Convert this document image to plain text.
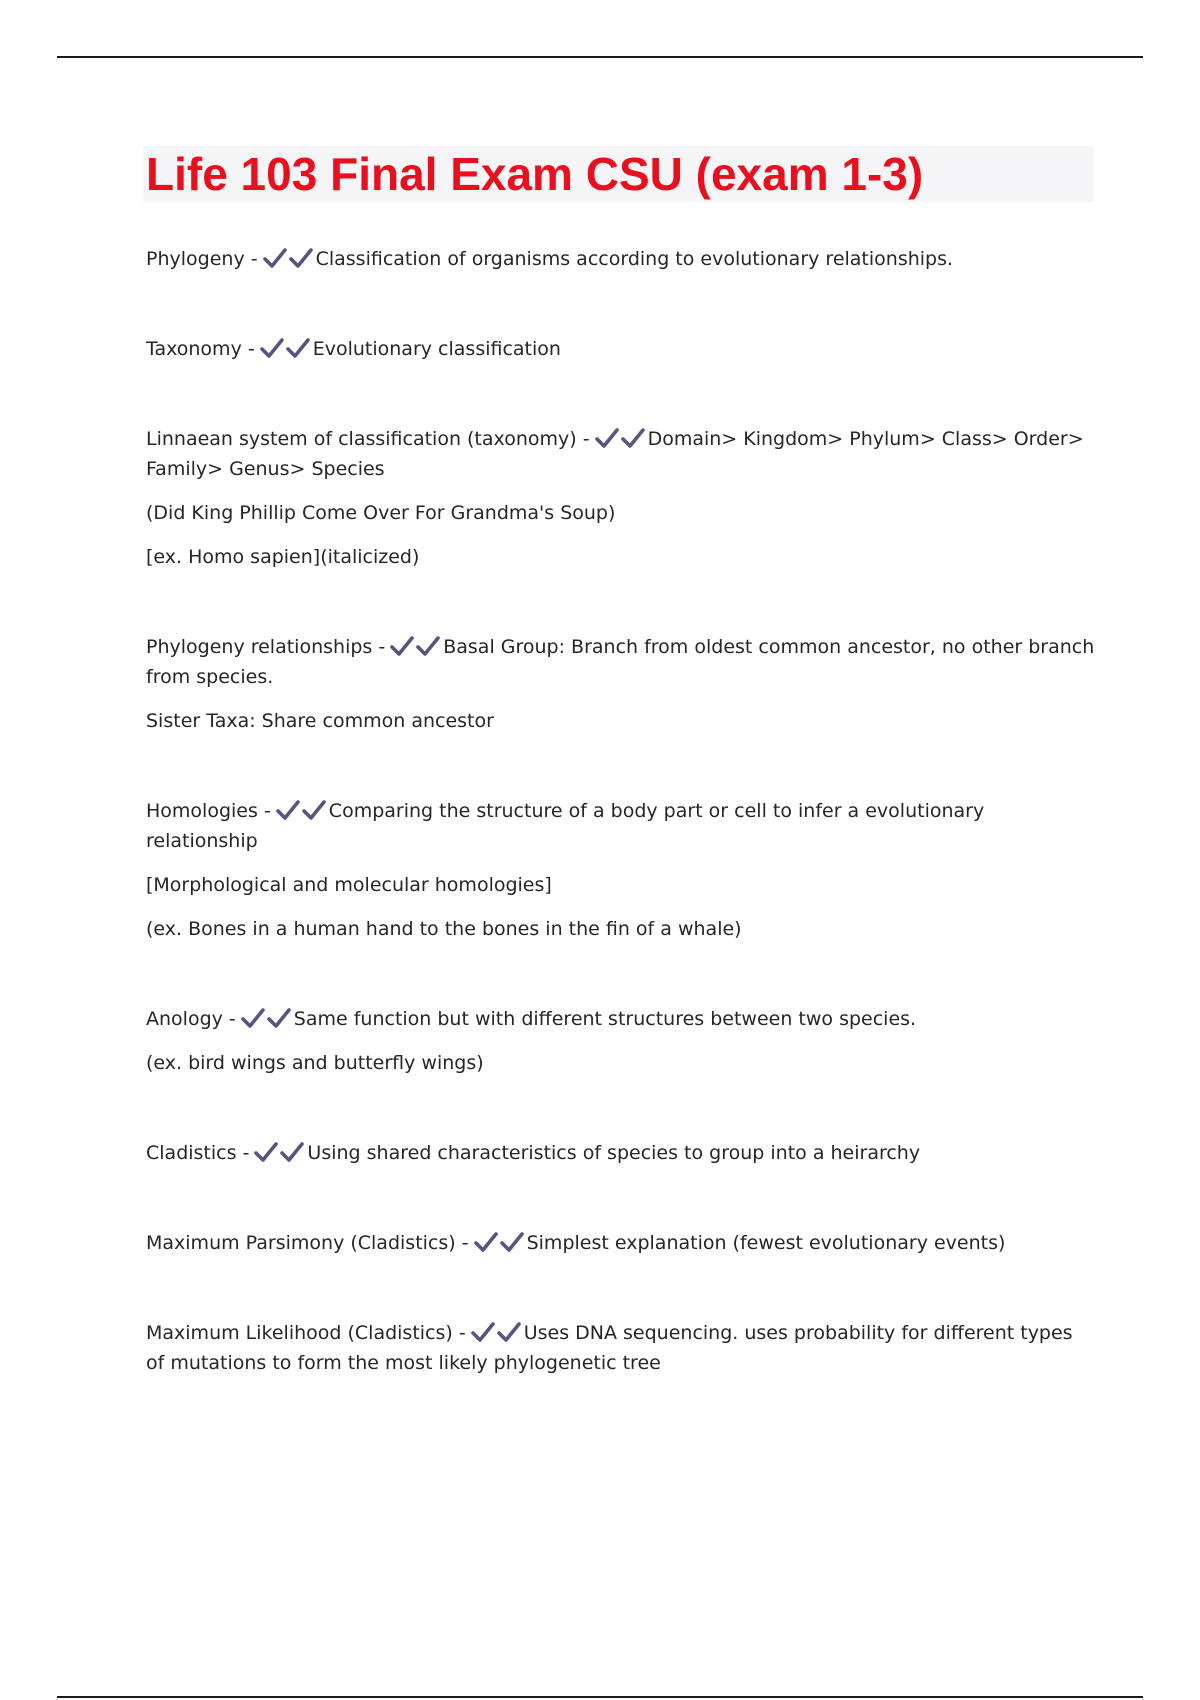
Life 103 Final Exam CSU (exam 1-3)

Phylogeny -	Classification of organisms according to evolutionary relationships.

Taxonomy -	Evolutionary classification

Linnaean system of classification (taxonomy) -	Domain> Kingdom> Phylum> Class> Order> Family> Genus> Species

(Did King Phillip Come Over For Grandma's Soup)

[ex. Homo sapien](italicized)

Phylogeny relationships -	Basal Group: Branch from oldest common ancestor, no other branch from species.

Sister Taxa: Share common ancestor

Homologies -	Comparing the structure of a body part or cell to infer a evolutionary relationship

[Morphological and molecular homologies]

(ex. Bones in a human hand to the bones in the fin of a whale)

Anology -	Same function but with different structures between two species.

(ex. bird wings and butterfly wings)

Cladistics -	Using shared characteristics of species to group into a heirarchy

Maximum Parsimony (Cladistics) -	Simplest explanation (fewest evolutionary events)

Maximum Likelihood (Cladistics) -	Uses DNA sequencing. uses probability for different types of mutations to form the most likely phylogenetic tree
